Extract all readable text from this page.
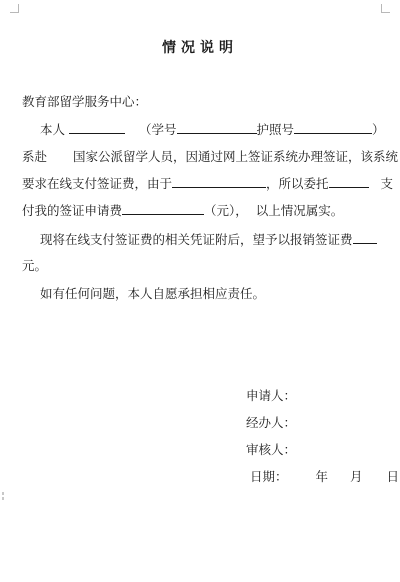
情况说明
教育部留学服务中心：
本人	（学号	护照号	）
系赴 国家公派留学人员，因通过网上签证系统办理签证，该系统
要求在线支付签证费，由于	，所以委托	支
付我的签证申请费	（元）， 以上情况属实。
现将在线支付签证费的相关凭证附后，望予以报销签证费
元。
如有任何问题，本人自愿承担相应责任。
申请人：
经办人：
审核人：
日期： 年 月 日
